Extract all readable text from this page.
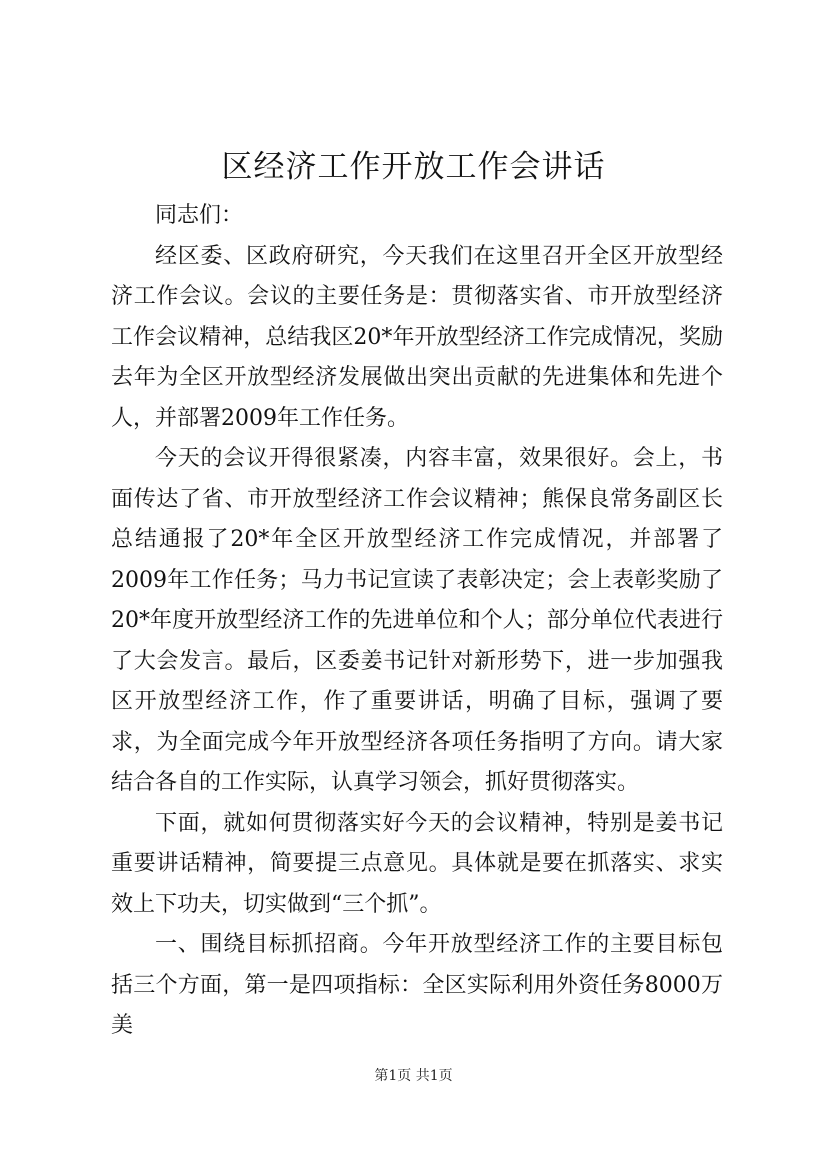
区经济工作开放工作会讲话

同志们：

经区委、区政府研究，今天我们在这里召开全区开放型经济工作会议。会议的主要任务是：贯彻落实省、市开放型经济工作会议精神，总结我区20*年开放型经济工作完成情况，奖励去年为全区开放型经济发展做出突出贡献的先进集体和先进个人，并部署2009年工作任务。

今天的会议开得很紧凑，内容丰富，效果很好。会上，书面传达了省、市开放型经济工作会议精神；熊保良常务副区长总结通报了20*年全区开放型经济工作完成情况，并部署了2009年工作任务；马力书记宣读了表彰决定；会上表彰奖励了20*年度开放型经济工作的先进单位和个人；部分单位代表进行了大会发言。最后，区委姜书记针对新形势下，进一步加强我区开放型经济工作，作了重要讲话，明确了目标，强调了要求，为全面完成今年开放型经济各项任务指明了方向。请大家结合各自的工作实际，认真学习领会，抓好贯彻落实。

下面，就如何贯彻落实好今天的会议精神，特别是姜书记重要讲话精神，简要提三点意见。具体就是要在抓落实、求实效上下功夫，切实做到“三个抓”。

一、围绕目标抓招商。今年开放型经济工作的主要目标包括三个方面，第一是四项指标：全区实际利用外资任务8000万美

第1页 共1页
